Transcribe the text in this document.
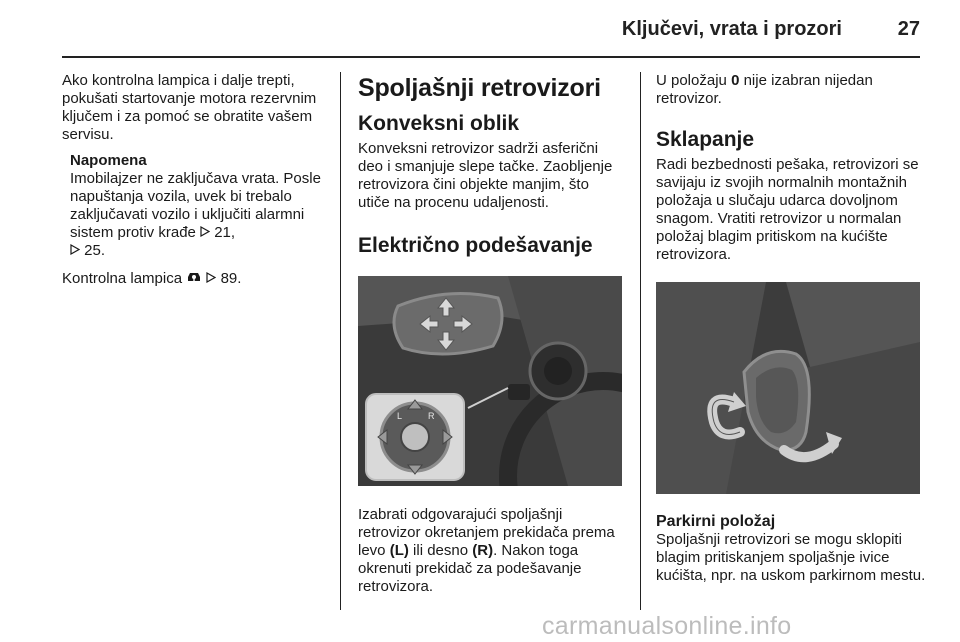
Ključevi, vrata i prozori	27

Ako kontrolna lampica i dalje trepti, pokušati startovanje motora rezervnim ključem i za pomoć se obratite vašem servisu.

Napomena

Imobilajzer ne zaključava vrata. Posle napuštanja vozila, uvek bi trebalo zaključavati vozilo i uključiti alarmni sistem protiv krađe 21,
25.

Kontrolna lampica	89.

Spoljašnji retrovizori
Konveksni oblik

Konveksni retrovizor sadrži asferični deo i smanjuje slepe tačke. Zaobljenje retrovizora čini objekte manjim, što utiče na procenu udaljenosti.

Električno podešavanje
L	R

Izabrati odgovarajući spoljašnji retrovizor okretanjem prekidača prema levo (L) ili desno (R). Nakon toga okrenuti prekidač za podešavanje retrovizora.

U položaju 0 nije izabran nijedan retrovizor.

Sklapanje

Radi bezbednosti pešaka, retrovizori se savijaju iz svojih normalnih montažnih položaja u slučaju udarca dovoljnom snagom. Vratiti retrovizor u normalan položaj blagim pritiskom na kućište retrovizora.

Parkirni položaj

Spoljašnji retrovizori se mogu sklopiti blagim pritiskanjem spoljašnje ivice kućišta, npr. na uskom parkirnom mestu.

carmanualsonline.info
